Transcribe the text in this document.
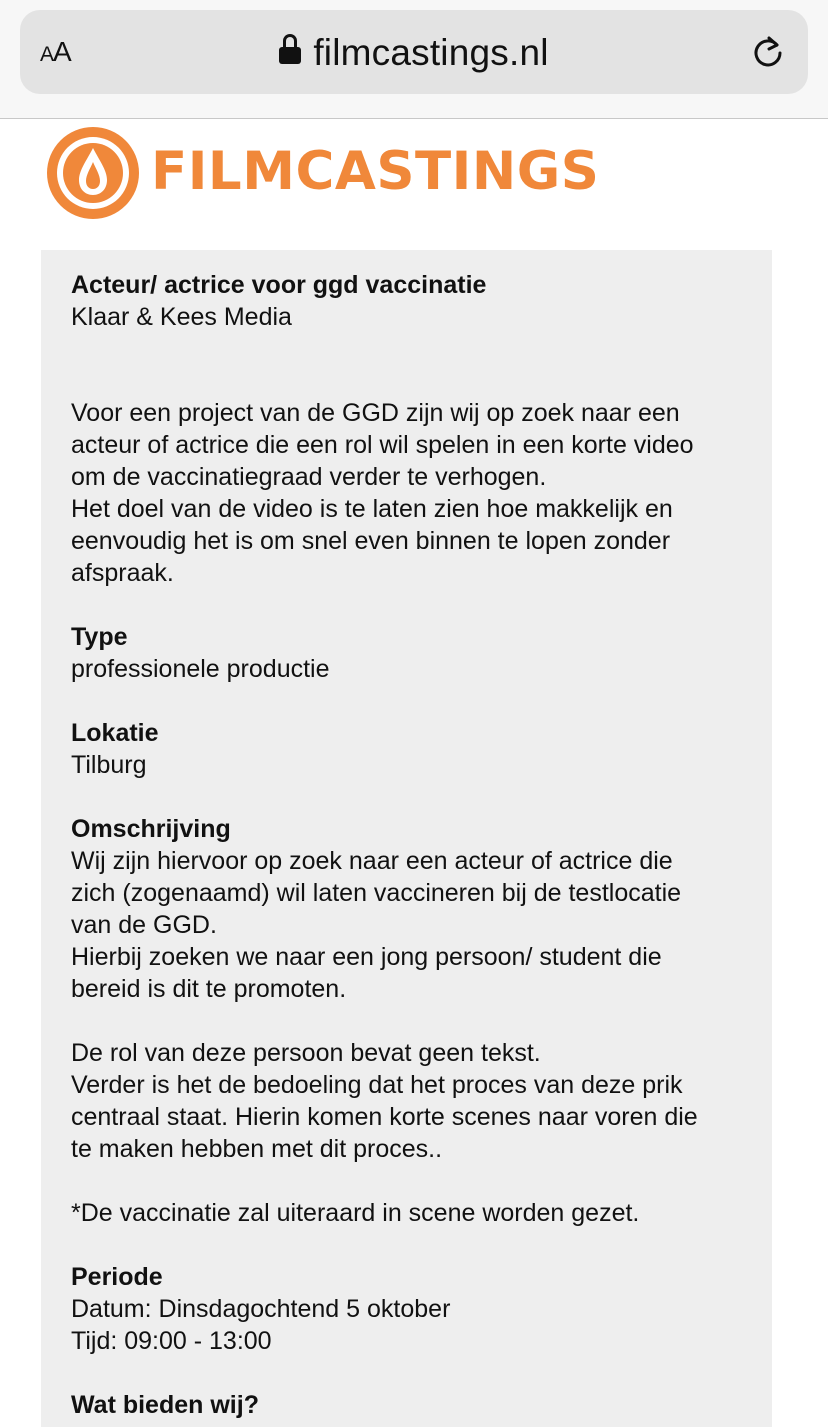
AA	filmcastings.nl
FILMCASTINGS
Acteur/ actrice voor ggd vaccinatie
Klaar & Kees Media
Voor een project van de GGD zijn wij op zoek naar een
acteur of actrice die een rol wil spelen in een korte video
om de vaccinatiegraad verder te verhogen.
Het doel van de video is te laten zien hoe makkelijk en
eenvoudig het is om snel even binnen te lopen zonder
afspraak.
Type
professionele productie
Lokatie
Tilburg
Omschrijving
Wij zijn hiervoor op zoek naar een acteur of actrice die
zich (zogenaamd) wil laten vaccineren bij de testlocatie
van de GGD.
Hierbij zoeken we naar een jong persoon/ student die
bereid is dit te promoten.
De rol van deze persoon bevat geen tekst.
Verder is het de bedoeling dat het proces van deze prik
centraal staat. Hierin komen korte scenes naar voren die
te maken hebben met dit proces..
*De vaccinatie zal uiteraard in scene worden gezet.
Periode
Datum: Dinsdagochtend 5 oktober
Tijd: 09:00 - 13:00
Wat bieden wij?
